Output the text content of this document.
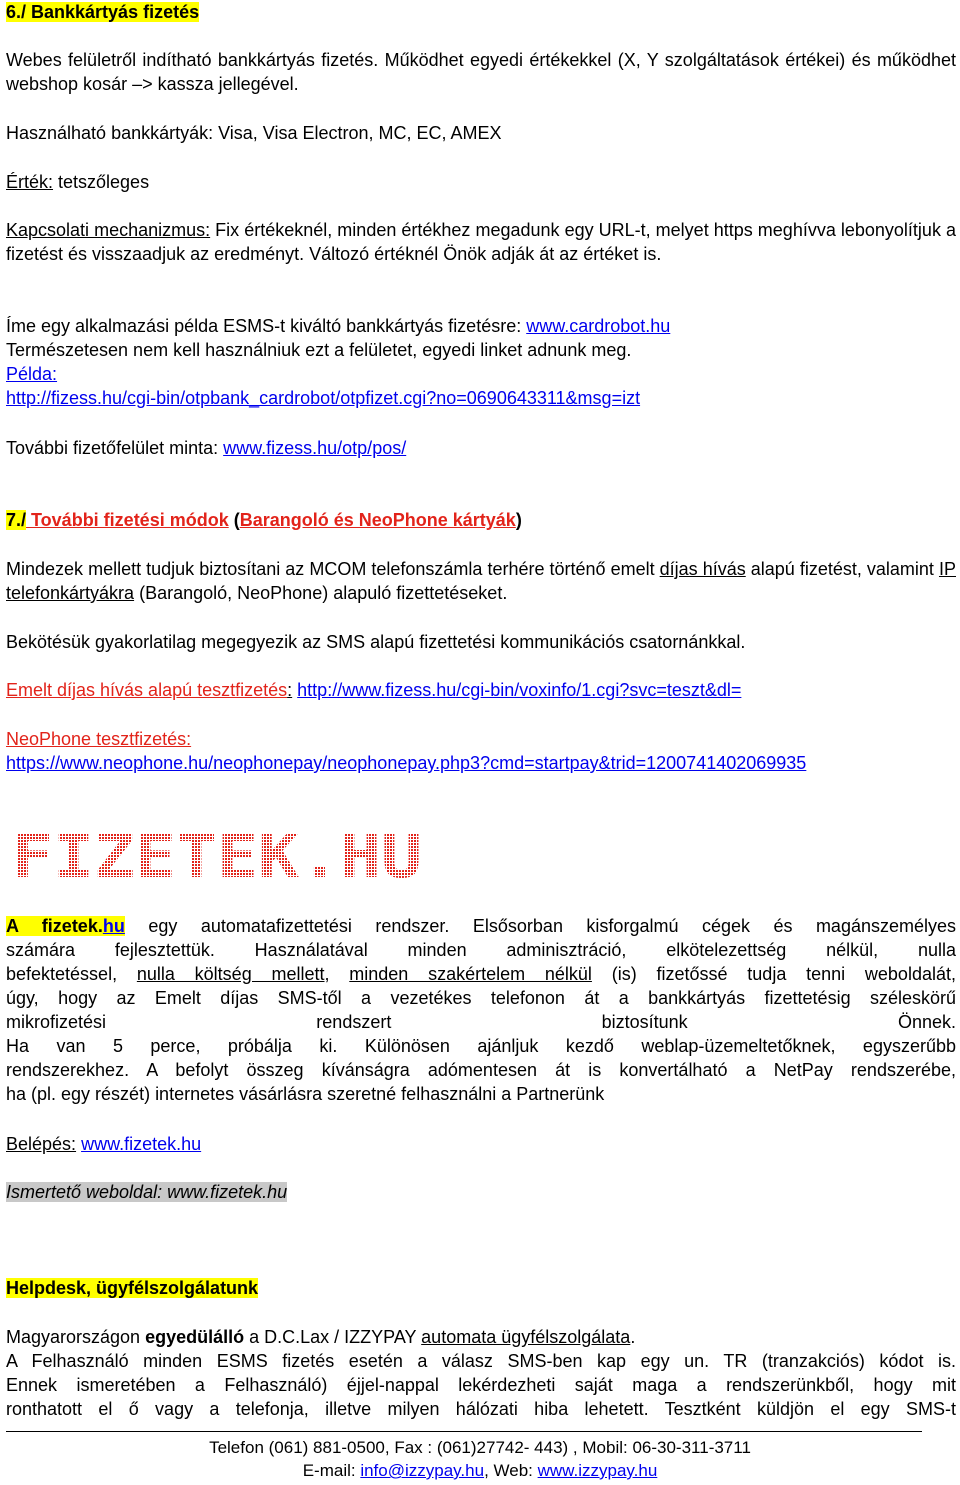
6./ Bankkártyás fizetés

Webes felületről indítható bankkártyás fizetés. Működhet egyedi értékekkel (X, Y szolgáltatások értékei) és működhet webshop kosár –> kassza jellegével.

Használható bankkártyák: Visa, Visa Electron, MC, EC, AMEX

Érték: tetszőleges

Kapcsolati mechanizmus: Fix értékeknél, minden értékhez megadunk egy URL-t, melyet https meghívva lebonyolítjuk a fizetést és visszaadjuk az eredményt. Változó értéknél Önök adják át az értéket is.

Íme egy alkalmazási példa ESMS-t kiváltó bankkártyás fizetésre: www.cardrobot.hu

Természetesen nem kell használniuk ezt a felületet, egyedi linket adnunk meg.

Példa:

http://fizess.hu/cgi-bin/otpbank_cardrobot/otpfizet.cgi?no=0690643311&msg=izt

További fizetőfelület minta: www.fizess.hu/otp/pos/

7./ További fizetési módok (Barangoló és NeoPhone kártyák)

Mindezek mellett tudjuk biztosítani az MCOM telefonszámla terhére történő emelt díjas hívás alapú fizetést, valamint IP telefonkártyákra (Barangoló, NeoPhone) alapuló fizettetéseket.

Bekötésük gyakorlatilag megegyezik az SMS alapú fizettetési kommunikációs csatornánkkal.

Emelt díjas hívás alapú tesztfizetés: http://www.fizess.hu/cgi-bin/voxinfo/1.cgi?svc=teszt&dl=

NeoPhone tesztfizetés:

https://www.neophone.hu/neophonepay/neophonepay.php3?cmd=startpay&trid=1200741402069935

FIZETEK.HU

A fizetek.hu egy automatafizettetési rendszer. Elsősorban kisforgalmú cégek és magánszemélyes

számára fejlesztettük. Használatával minden adminisztráció, elkötelezettség nélkül, nulla

befektetéssel, nulla költség mellett, minden szakértelem nélkül (is) fizetőssé tudja tenni weboldalát,

úgy, hogy az Emelt díjas SMS-től a vezetékes telefonon át a bankkártyás fizettetésig széleskörű

mikrofizetési rendszert biztosítunk Önnek.

Ha van 5 perce, próbálja ki. Különösen ajánljuk kezdő weblap-üzemeltetőknek, egyszerűbb

rendszerekhez. A befolyt összeg kívánságra adómentesen át is konvertálható a NetPay rendszerébe,

ha (pl. egy részét) internetes vásárlásra szeretné felhasználni a Partnerünk

Belépés: www.fizetek.hu

Ismertető weboldal: www.fizetek.hu

Helpdesk, ügyfélszolgálatunk

Magyarországon egyedülálló a D.C.Lax / IZZYPAY automata ügyfélszolgálata.

A Felhasználó minden ESMS fizetés esetén a válasz SMS-ben kap egy un. TR (tranzakciós) kódot is.

Ennek ismeretében a Felhasználó) éjjel-nappal lekérdezheti saját maga a rendszerünkből, hogy mit

ronthatott el ő vagy a telefonja, illetve milyen hálózati hiba lehetett. Tesztként küldjön el egy SMS-t

Telefon (061) 881-0500, Fax : (061)27742- 443) , Mobil: 06-30-311-3711
E-mail: info@izzypay.hu, Web: www.izzypay.hu
